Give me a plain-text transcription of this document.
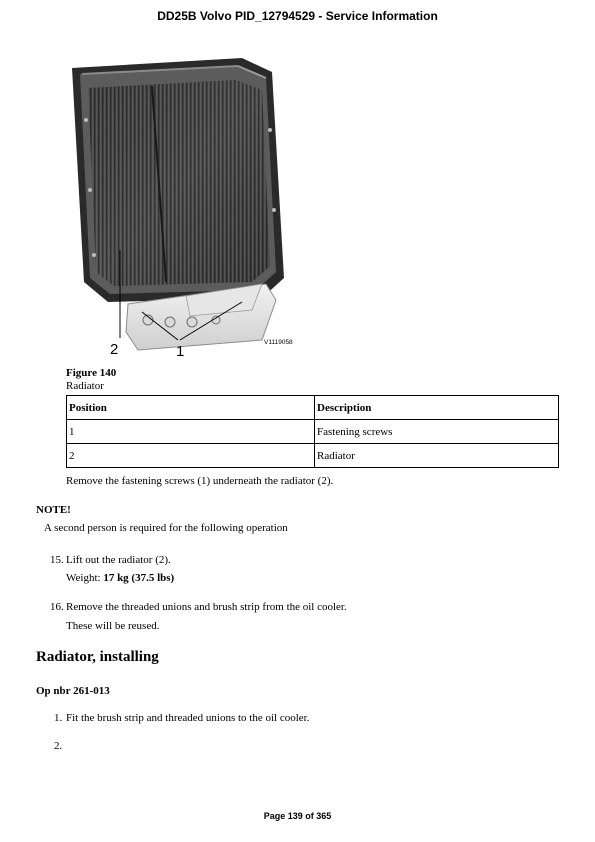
DD25B Volvo PID_12794529 - Service Information
2	1
V1119058
Figure 140
Radiator
Position	Description
1	Fastening screws
2	Radiator
Remove the fastening screws (1) underneath the radiator (2).
NOTE!
A second person is required for the following operation
15. Lift out the radiator (2).
Weight: 17 kg (37.5 lbs)
16. Remove the threaded unions and brush strip from the oil cooler.
These will be reused.
Radiator, installing
Op nbr 261-013
1. Fit the brush strip and threaded unions to the oil cooler.
2.
Page 139 of 365
